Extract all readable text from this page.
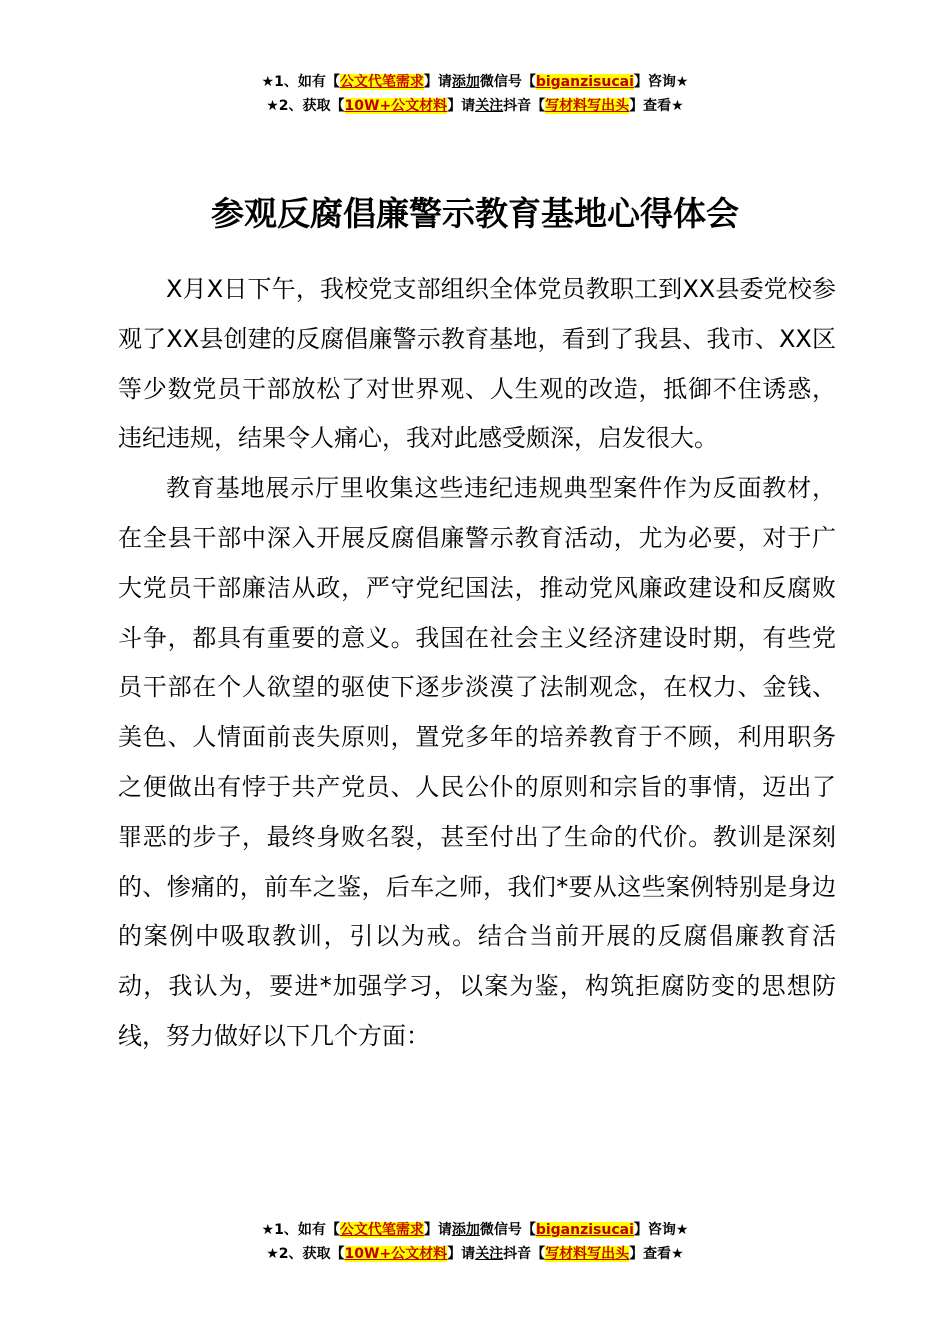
★1、如有【公文代笔需求】请添加微信号【biganzisucai】咨询★
★2、获取【10W+公文材料】请关注抖音【写材料写出头】查看★
参观反腐倡廉警示教育基地心得体会

X月X日下午，我校党支部组织全体党员教职工到XX县委党校参观了XX县创建的反腐倡廉警示教育基地，看到了我县、我市、XX区等少数党员干部放松了对世界观、人生观的改造，抵御不住诱惑，违纪违规，结果令人痛心，我对此感受颇深，启发很大。

教育基地展示厅里收集这些违纪违规典型案件作为反面教材，在全县干部中深入开展反腐倡廉警示教育活动，尤为必要，对于广大党员干部廉洁从政，严守党纪国法，推动党风廉政建设和反腐败斗争，都具有重要的意义。我国在社会主义经济建设时期，有些党员干部在个人欲望的驱使下逐步淡漠了法制观念，在权力、金钱、美色、人情面前丧失原则，置党多年的培养教育于不顾，利用职务之便做出有悖于共产党员、人民公仆的原则和宗旨的事情，迈出了罪恶的步子，最终身败名裂，甚至付出了生命的代价。教训是深刻的、惨痛的，前车之鉴，后车之师，我们*要从这些案例特别是身边的案例中吸取教训，引以为戒。结合当前开展的反腐倡廉教育活动，我认为，要进*加强学习，以案为鉴，构筑拒腐防变的思想防线，努力做好以下几个方面：

★1、如有【公文代笔需求】请添加微信号【biganzisucai】咨询★
★2、获取【10W+公文材料】请关注抖音【写材料写出头】查看★
